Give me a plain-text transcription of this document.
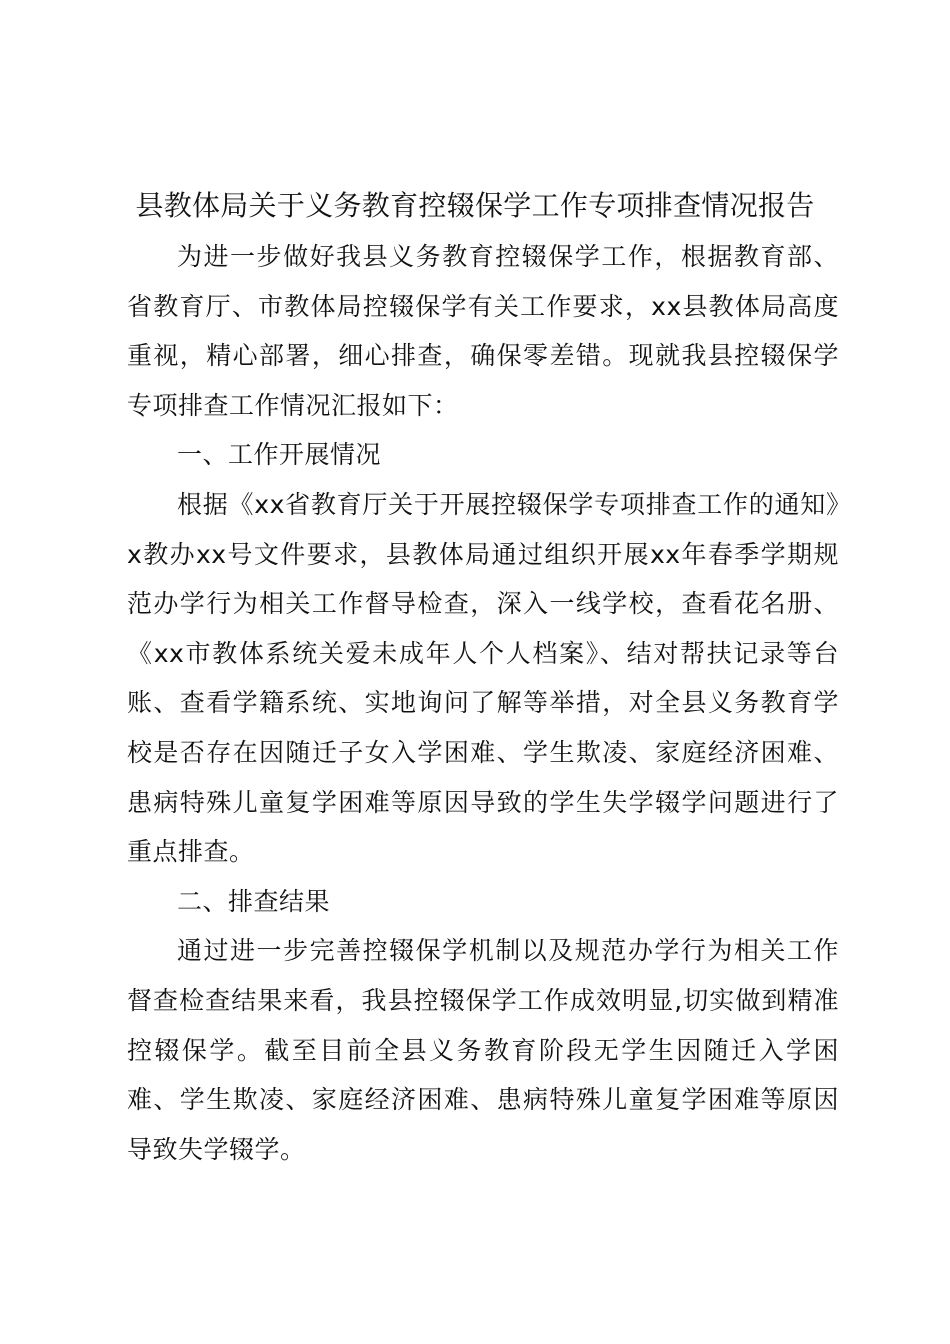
县教体局关于义务教育控辍保学工作专项排查情况报告

为进一步做好我县义务教育控辍保学工作，根据教育部、省教育厅、市教体局控辍保学有关工作要求，xx县教体局高度重视，精心部署，细心排查，确保零差错。现就我县控辍保学专项排查工作情况汇报如下：

一、工作开展情况

根据《xx省教育厅关于开展控辍保学专项排查工作的通知》x教办xx号文件要求，县教体局通过组织开展xx年春季学期规范办学行为相关工作督导检查，深入一线学校，查看花名册、《xx市教体系统关爱未成年人个人档案》、结对帮扶记录等台账、查看学籍系统、实地询问了解等举措，对全县义务教育学校是否存在因随迁子女入学困难、学生欺凌、家庭经济困难、患病特殊儿童复学困难等原因导致的学生失学辍学问题进行了重点排查。

二、排查结果

通过进一步完善控辍保学机制以及规范办学行为相关工作督查检查结果来看，我县控辍保学工作成效明显,切实做到精准控辍保学。截至目前全县义务教育阶段无学生因随迁入学困难、学生欺凌、家庭经济困难、患病特殊儿童复学困难等原因导致失学辍学。
